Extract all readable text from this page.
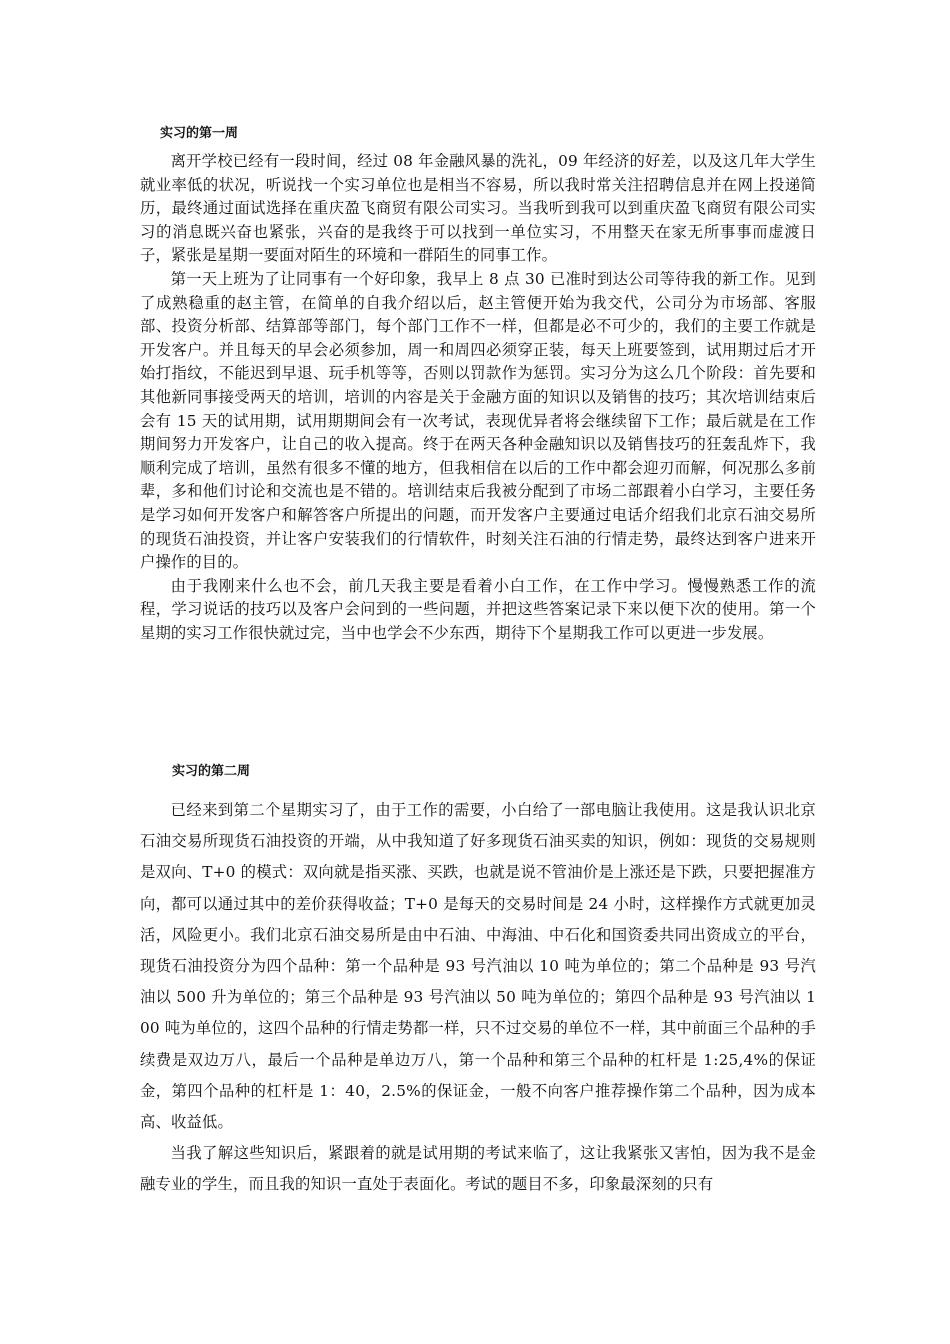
实习的第一周

离开学校已经有一段时间，经过 08 年金融风暴的洗礼，09 年经济的好差，以及这几年大学生就业率低的状况，听说找一个实习单位也是相当不容易，所以我时常关注招聘信息并在网上投递简历，最终通过面试选择在重庆盈飞商贸有限公司实习。当我听到我可以到重庆盈飞商贸有限公司实习的消息既兴奋也紧张，兴奋的是我终于可以找到一单位实习，不用整天在家无所事事而虚渡日子，紧张是星期一要面对陌生的环境和一群陌生的同事工作。

第一天上班为了让同事有一个好印象，我早上 8 点 30 已准时到达公司等待我的新工作。见到了成熟稳重的赵主管，在简单的自我介绍以后，赵主管便开始为我交代，公司分为市场部、客服部、投资分析部、结算部等部门，每个部门工作不一样，但都是必不可少的，我们的主要工作就是开发客户。并且每天的早会必须参加，周一和周四必须穿正装，每天上班要签到，试用期过后才开始打指纹，不能迟到早退、玩手机等等，否则以罚款作为惩罚。实习分为这么几个阶段：首先要和其他新同事接受两天的培训，培训的内容是关于金融方面的知识以及销售的技巧；其次培训结束后会有 15 天的试用期，试用期期间会有一次考试，表现优异者将会继续留下工作；最后就是在工作期间努力开发客户，让自己的收入提高。终于在两天各种金融知识以及销售技巧的狂轰乱炸下，我顺利完成了培训，虽然有很多不懂的地方，但我相信在以后的工作中都会迎刃而解，何况那么多前辈，多和他们讨论和交流也是不错的。培训结束后我被分配到了市场二部跟着小白学习，主要任务是学习如何开发客户和解答客户所提出的问题，而开发客户主要通过电话介绍我们北京石油交易所的现货石油投资，并让客户安装我们的行情软件，时刻关注石油的行情走势，最终达到客户进来开户操作的目的。

由于我刚来什么也不会，前几天我主要是看着小白工作，在工作中学习。慢慢熟悉工作的流程，学习说话的技巧以及客户会问到的一些问题，并把这些答案记录下来以便下次的使用。第一个星期的实习工作很快就过完，当中也学会不少东西，期待下个星期我工作可以更进一步发展。

实习的第二周

已经来到第二个星期实习了，由于工作的需要，小白给了一部电脑让我使用。这是我认识北京石油交易所现货石油投资的开端，从中我知道了好多现货石油买卖的知识，例如：现货的交易规则是双向、T+0 的模式：双向就是指买涨、买跌，也就是说不管油价是上涨还是下跌，只要把握准方向，都可以通过其中的差价获得收益；T+0 是每天的交易时间是 24 小时，这样操作方式就更加灵活，风险更小。我们北京石油交易所是由中石油、中海油、中石化和国资委共同出资成立的平台，现货石油投资分为四个品种：第一个品种是 93 号汽油以 10 吨为单位的；第二个品种是 93 号汽油以 500 升为单位的；第三个品种是 93 号汽油以 50 吨为单位的；第四个品种是 93 号汽油以 100 吨为单位的，这四个品种的行情走势都一样，只不过交易的单位不一样，其中前面三个品种的手续费是双边万八，最后一个品种是单边万八，第一个品种和第三个品种的杠杆是 1:25,4%的保证金，第四个品种的杠杆是 1：40，2.5%的保证金，一般不向客户推荐操作第二个品种，因为成本高、收益低。

当我了解这些知识后，紧跟着的就是试用期的考试来临了，这让我紧张又害怕，因为我不是金融专业的学生，而且我的知识一直处于表面化。考试的题目不多，印象最深刻的只有
